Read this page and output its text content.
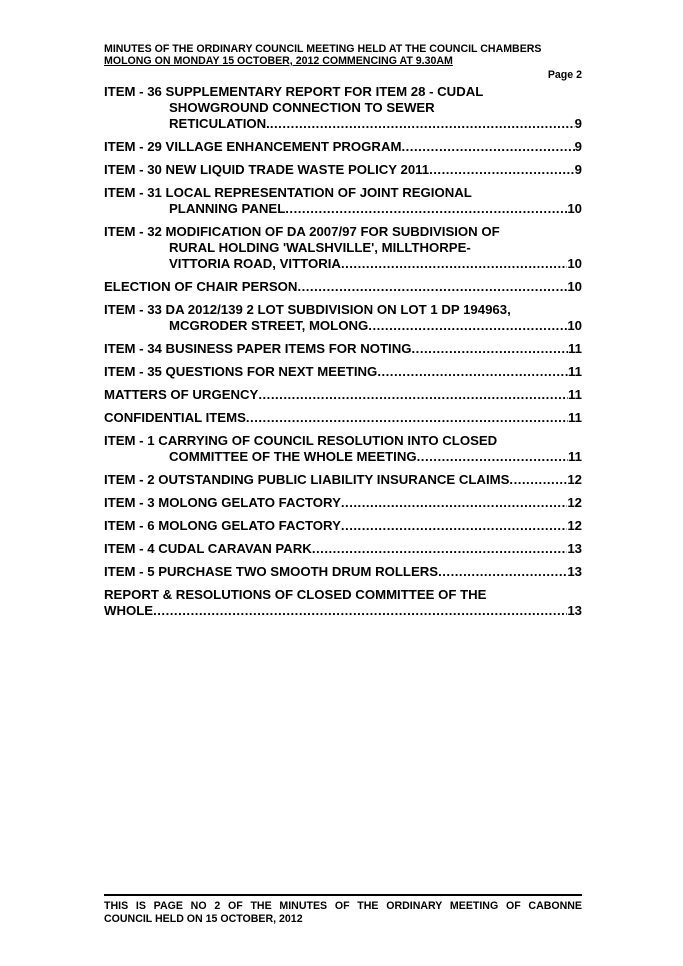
MINUTES OF THE ORDINARY COUNCIL MEETING HELD AT THE COUNCIL CHAMBERS
MOLONG ON MONDAY 15 OCTOBER, 2012 COMMENCING AT 9.30AM
Page 2
ITEM - 36 SUPPLEMENTARY REPORT FOR ITEM 28 - CUDAL
SHOWGROUND CONNECTION TO SEWER
RETICULATION. .....	9
ITEM - 29 VILLAGE ENHANCEMENT PROGRAM .....	9
ITEM - 30 NEW LIQUID TRADE WASTE POLICY 2011 .....	9
ITEM - 31 LOCAL REPRESENTATION OF JOINT REGIONAL
PLANNING PANEL .....	10
ITEM - 32 MODIFICATION OF DA 2007/97 FOR SUBDIVISION OF
RURAL HOLDING 'WALSHVILLE', MILLTHORPE-
VITTORIA ROAD, VITTORIA .....	10
ELECTION OF CHAIR PERSON .....	10
ITEM - 33 DA 2012/139 2 LOT SUBDIVISION ON LOT 1 DP 194963,
MCGRODER STREET, MOLONG .....	10
ITEM - 34 BUSINESS PAPER ITEMS FOR NOTING .....	11
ITEM - 35 QUESTIONS FOR NEXT MEETING .....	11
MATTERS OF URGENCY .....	11
CONFIDENTIAL ITEMS .....	11
ITEM - 1 CARRYING OF COUNCIL RESOLUTION INTO CLOSED
COMMITTEE OF THE WHOLE MEETING .....	11
ITEM - 2 OUTSTANDING PUBLIC LIABILITY INSURANCE CLAIMS .....	12
ITEM - 3 MOLONG GELATO FACTORY .....	12
ITEM - 6 MOLONG GELATO FACTORY .....	12
ITEM - 4 CUDAL CARAVAN PARK .....	13
ITEM - 5 PURCHASE TWO SMOOTH DRUM ROLLERS .....	13
REPORT & RESOLUTIONS OF CLOSED COMMITTEE OF THE
WHOLE .....	13
THIS IS PAGE NO 2 OF THE MINUTES OF THE ORDINARY MEETING OF CABONNE
COUNCIL HELD ON 15 OCTOBER, 2012
